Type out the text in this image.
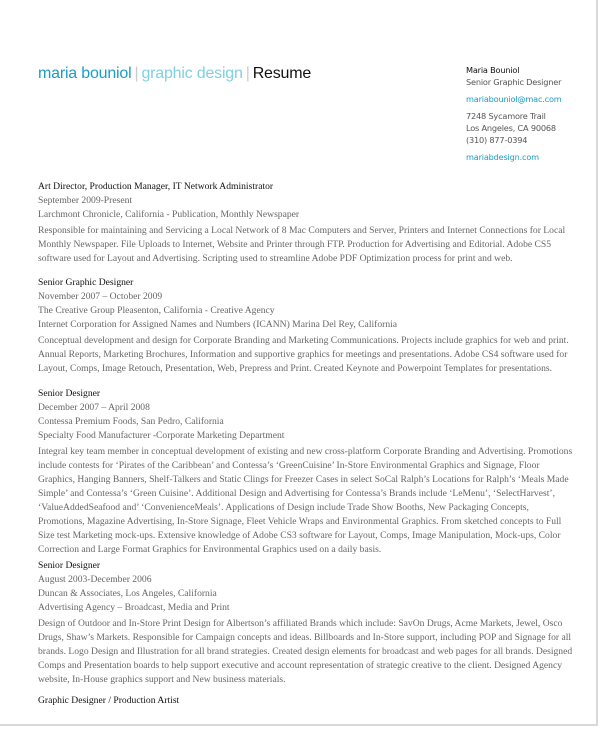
maria bouniol | graphic design | Resume	Maria Bouniol
Senior Graphic Designer
mariabouniol@mac.com
7248 Sycamore Trail
Los Angeles, CA 90068
(310) 877-0394
mariabdesign.com
Art Director, Production Manager, IT Network Administrator
September 2009-Present
Larchmont Chronicle, California - Publication, Monthly Newspaper
Responsible for maintaining and Servicing a Local Network of 8 Mac Computers and Server, Printers and Internet Connections for Local
Monthly Newspaper. File Uploads to Internet, Website and Printer through FTP. Production for Advertising and Editorial. Adobe CS5
software used for Layout and Advertising. Scripting used to streamline Adobe PDF Optimization process for print and web.
Senior Graphic Designer
November 2007 – October 2009
The Creative Group Pleasenton, California - Creative Agency
Internet Corporation for Assigned Names and Numbers (ICANN) Marina Del Rey, California
Conceptual development and design for Corporate Branding and Marketing Communications. Projects include graphics for web and print.
Annual Reports, Marketing Brochures, Information and supportive graphics for meetings and presentations. Adobe CS4 software used for
Layout, Comps, Image Retouch, Presentation, Web, Prepress and Print. Created Keynote and Powerpoint Templates for presentations.
Senior Designer
December 2007 – April 2008
Contessa Premium Foods, San Pedro, California
Specialty Food Manufacturer -Corporate Marketing Department
Integral key team member in conceptual development of existing and new cross-platform Corporate Branding and Advertising. Promotions
include contests for ‘Pirates of the Caribbean’ and Contessa’s ‘GreenCuisine’ In-Store Environmental Graphics and Signage, Floor
Graphics, Hanging Banners, Shelf-Talkers and Static Clings for Freezer Cases in select SoCal Ralph’s Locations for Ralph’s ‘Meals Made
Simple’ and Contessa’s ‘Green Cuisine’. Additional Design and Advertising for Contessa’s Brands include ‘LeMenu’, ‘SelectHarvest’,
‘ValueAddedSeafood and’ ‘ConvenienceMeals’. Applications of Design include Trade Show Booths, New Packaging Concepts,
Promotions, Magazine Advertising, In-Store Signage, Fleet Vehicle Wraps and Environmental Graphics. From sketched concepts to Full
Size test Marketing mock-ups. Extensive knowledge of Adobe CS3 software for Layout, Comps, Image Manipulation, Mock-ups, Color
Correction and Large Format Graphics for Environmental Graphics used on a daily basis.
Senior Designer
August 2003-December 2006
Duncan & Associates, Los Angeles, California
Advertising Agency – Broadcast, Media and Print
Design of Outdoor and In-Store Print Design for Albertson’s affiliated Brands which include: SavOn Drugs, Acme Markets, Jewel, Osco
Drugs, Shaw’s Markets. Responsible for Campaign concepts and ideas. Billboards and In-Store support, including POP and Signage for all
brands. Logo Design and Illustration for all brand strategies. Created design elements for broadcast and web pages for all brands. Designed
Comps and Presentation boards to help support executive and account representation of strategic creative to the client. Designed Agency
website, In-House graphics support and New business materials.
Graphic Designer / Production Artist
